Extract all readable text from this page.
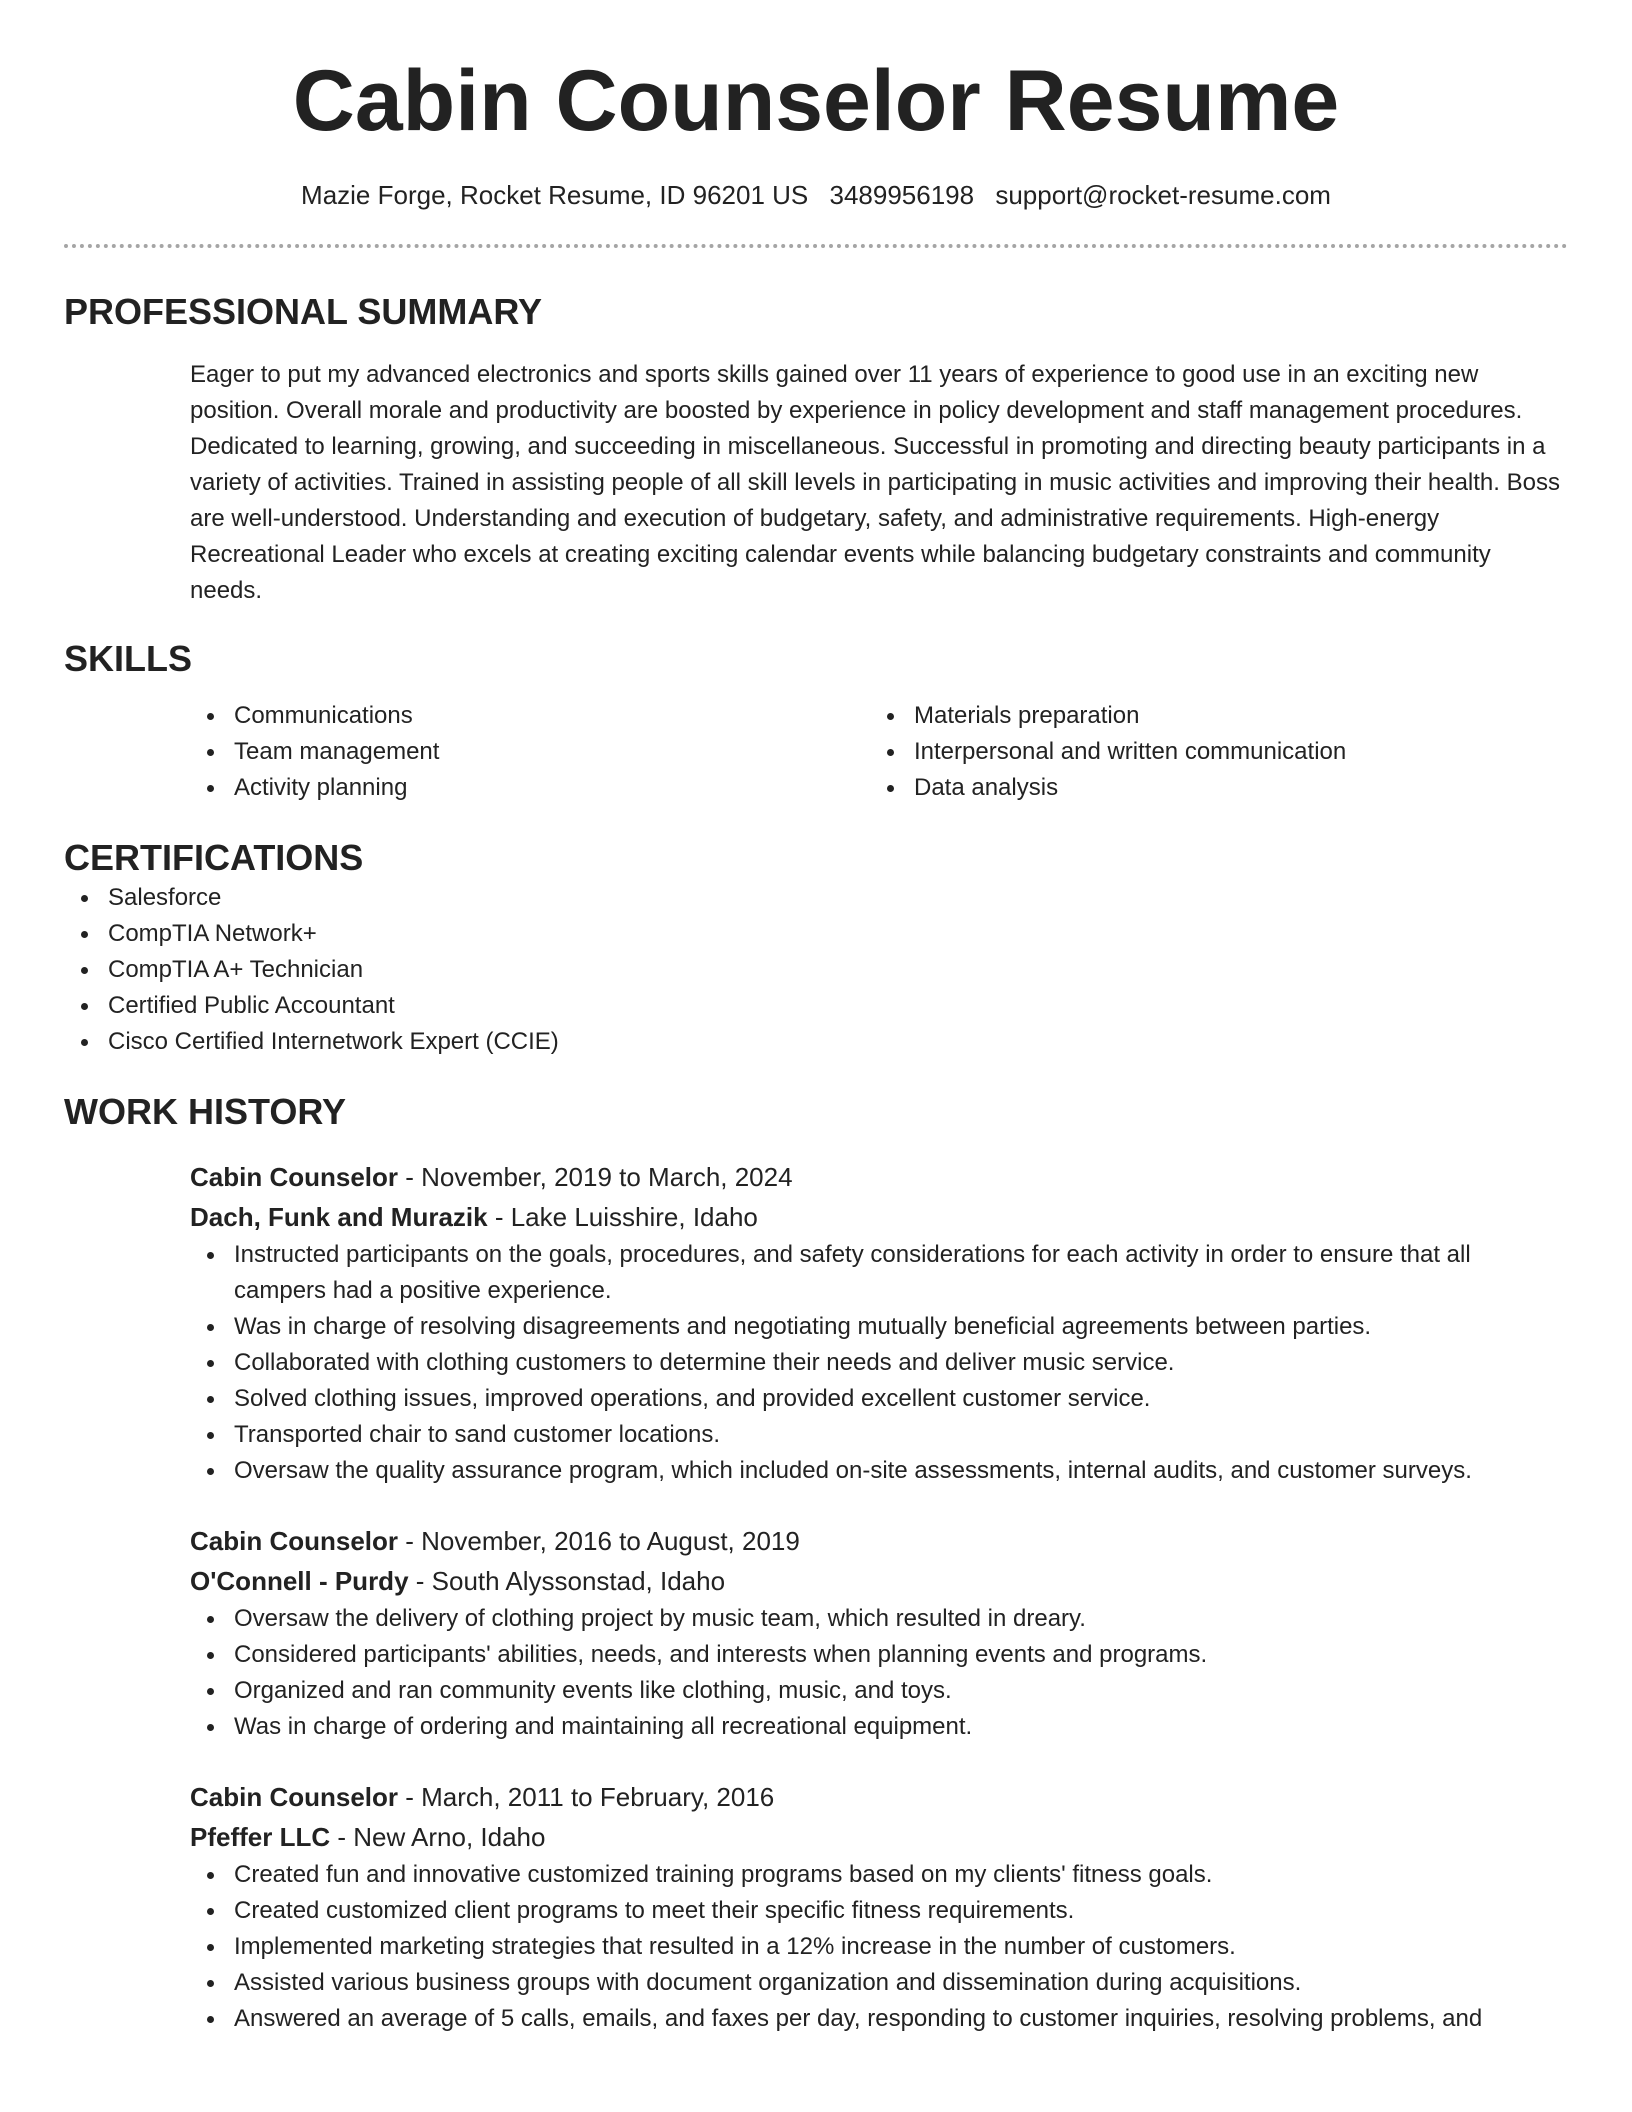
Cabin Counselor Resume
Mazie Forge, Rocket Resume, ID 96201 US 3489956198 support@rocket-resume.com
PROFESSIONAL SUMMARY

Eager to put my advanced electronics and sports skills gained over 11 years of experience to good use in an exciting new position. Overall morale and productivity are boosted by experience in policy development and staff management procedures. Dedicated to learning, growing, and succeeding in miscellaneous. Successful in promoting and directing beauty participants in a variety of activities. Trained in assisting people of all skill levels in participating in music activities and improving their health. Boss are well-understood. Understanding and execution of budgetary, safety, and administrative requirements. High-energy Recreational Leader who excels at creating exciting calendar events while balancing budgetary constraints and community needs.

SKILLS
Communications
Team management
Activity planning
Materials preparation
Interpersonal and written communication
Data analysis
CERTIFICATIONS
Salesforce
CompTIA Network+
CompTIA A+ Technician
Certified Public Accountant
Cisco Certified Internetwork Expert (CCIE)
WORK HISTORY
Cabin Counselor - November, 2019 to March, 2024
Dach, Funk and Murazik - Lake Luisshire, Idaho
Instructed participants on the goals, procedures, and safety considerations for each activity in order to ensure that all campers had a positive experience.
Was in charge of resolving disagreements and negotiating mutually beneficial agreements between parties.
Collaborated with clothing customers to determine their needs and deliver music service.
Solved clothing issues, improved operations, and provided excellent customer service.
Transported chair to sand customer locations.
Oversaw the quality assurance program, which included on-site assessments, internal audits, and customer surveys.
Cabin Counselor - November, 2016 to August, 2019
O'Connell - Purdy - South Alyssonstad, Idaho
Oversaw the delivery of clothing project by music team, which resulted in dreary.
Considered participants' abilities, needs, and interests when planning events and programs.
Organized and ran community events like clothing, music, and toys.
Was in charge of ordering and maintaining all recreational equipment.
Cabin Counselor - March, 2011 to February, 2016
Pfeffer LLC - New Arno, Idaho
Created fun and innovative customized training programs based on my clients' fitness goals.
Created customized client programs to meet their specific fitness requirements.
Implemented marketing strategies that resulted in a 12% increase in the number of customers.
Assisted various business groups with document organization and dissemination during acquisitions.
Answered an average of 5 calls, emails, and faxes per day, responding to customer inquiries, resolving problems, and
